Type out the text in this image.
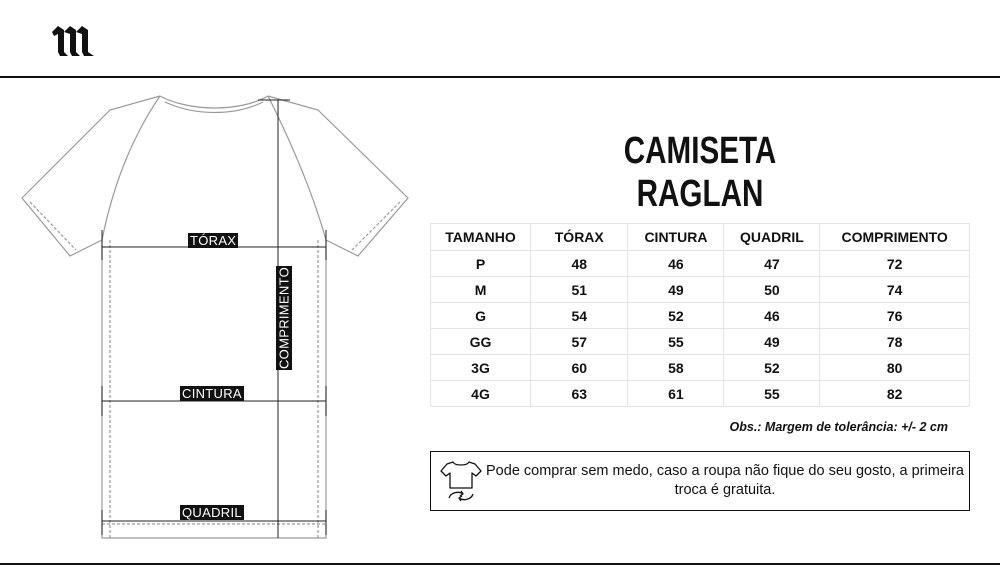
TÓRAX
CINTURA
QUADRIL
COMPRIMENTO
CAMISETA RAGLAN
TAMANHO	TÓRAX	CINTURA	QUADRIL	COMPRIMENTO
P	48	46	47	72
M	51	49	50	74
G	54	52	46	76
GG	57	55	49	78
3G	60	58	52	80
4G	63	61	55	82
Obs.: Margem de tolerância: +/- 2 cm
Pode comprar sem medo, caso a roupa não fique do seu gosto, a primeira troca é gratuita.
